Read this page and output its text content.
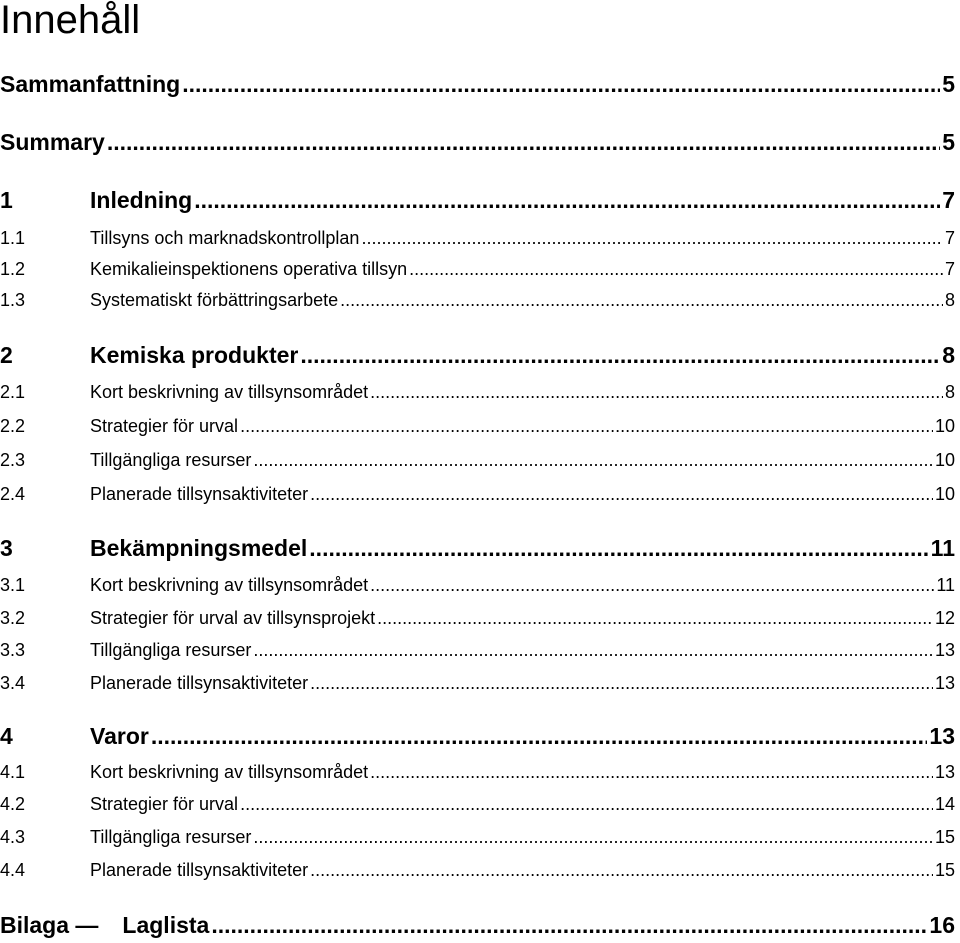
Innehåll
Sammanfattning .....	5
Summary .....	5
1	Inledning .....	7
1.1	Tillsyns och marknadskontrollplan .....	7
1.2	Kemikalieinspektionens operativa tillsyn .....	7
1.3	Systematiskt förbättringsarbete .....	8
2	Kemiska produkter .....	8
2.1	Kort beskrivning av tillsynsområdet .....	8
2.2	Strategier för urval .....	10
2.3	Tillgängliga resurser .....	10
2.4	Planerade tillsynsaktiviteter .....	10
3	Bekämpningsmedel .....	11
3.1	Kort beskrivning av tillsynsområdet .....	11
3.2	Strategier för urval av tillsynsprojekt .....	12
3.3	Tillgängliga resurser .....	13
3.4	Planerade tillsynsaktiviteter .....	13
4	Varor .....	13
4.1	Kort beskrivning av tillsynsområdet .....	13
4.2	Strategier för urval .....	14
4.3	Tillgängliga resurser .....	15
4.4	Planerade tillsynsaktiviteter .....	15
Bilaga — Laglista .....	16
